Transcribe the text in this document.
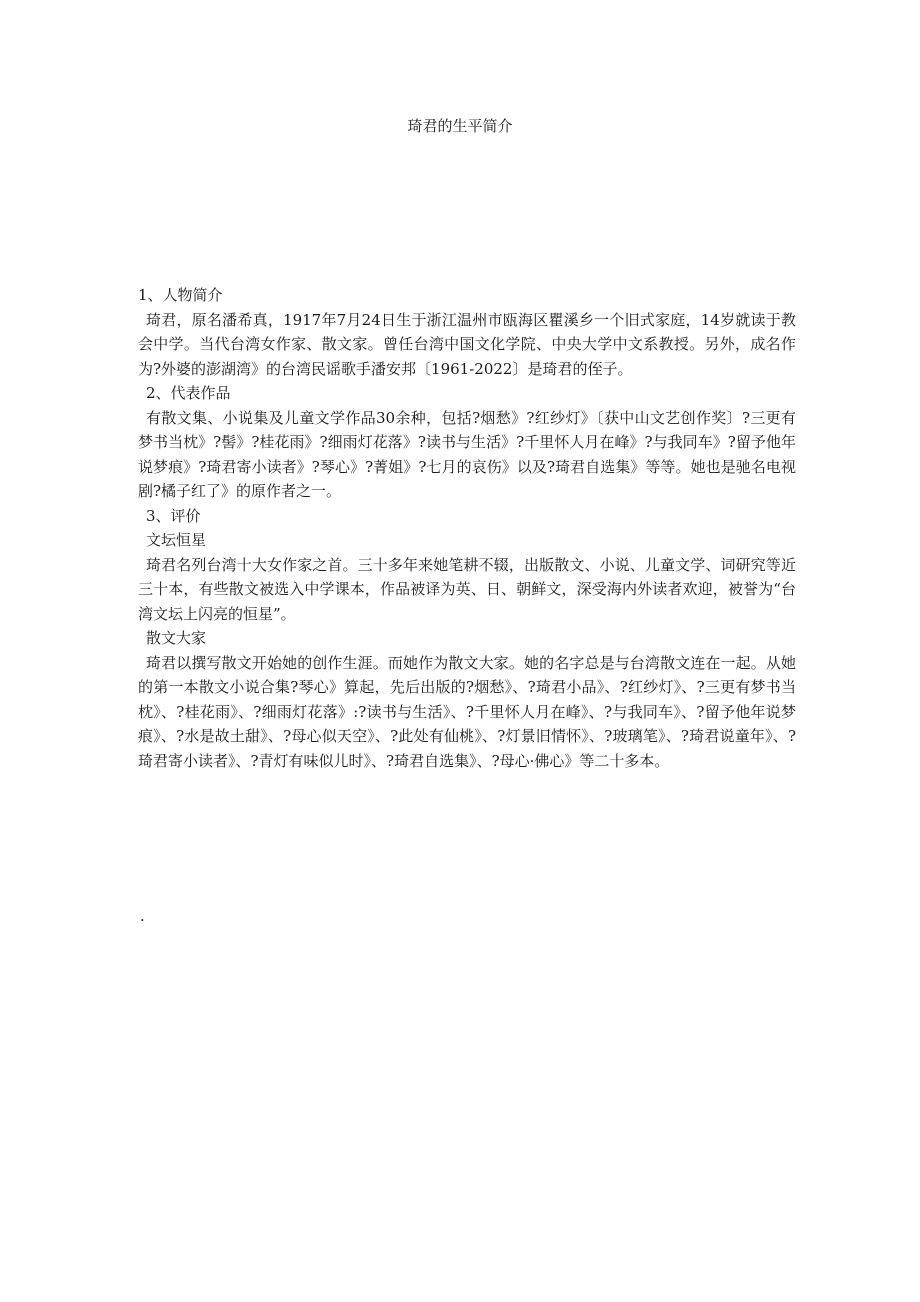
琦君的生平简介

1、人物简介

琦君，原名潘希真，1917年7月24日生于浙江温州市瓯海区瞿溪乡一个旧式家庭，14岁就读于教会中学。当代台湾女作家、散文家。曾任台湾中国文化学院、中央大学中文系教授。另外，成名作为?外婆的澎湖湾》的台湾民谣歌手潘安邦〔1961-2022〕是琦君的侄子。

2、代表作品

有散文集、小说集及儿童文学作品30余种，包括?烟愁》?红纱灯》〔获中山文艺创作奖〕?三更有梦书当枕》?髻》?桂花雨》?细雨灯花落》?读书与生活》?千里怀人月在峰》?与我同车》?留予他年说梦痕》?琦君寄小读者》?琴心》?菁姐》?七月的哀伤》以及?琦君自选集》等等。她也是驰名电视剧?橘子红了》的原作者之一。

3、评价

文坛恒星

琦君名列台湾十大女作家之首。三十多年来她笔耕不辍，出版散文、小说、儿童文学、词研究等近三十本，有些散文被选入中学课本，作品被译为英、日、朝鲜文，深受海内外读者欢迎，被誉为“台湾文坛上闪亮的恒星”。

散文大家

琦君以撰写散文开始她的创作生涯。而她作为散文大家。她的名字总是与台湾散文连在一起。从她的第一本散文小说合集?琴心》算起，先后出版的?烟愁》、?琦君小品》、?红纱灯》、?三更有梦书当枕》、?桂花雨》、?细雨灯花落》:?读书与生活》、?千里怀人月在峰》、?与我同车》、?留予他年说梦痕》、?水是故土甜》、?母心似天空》、?此处有仙桃》、?灯景旧情怀》、?玻璃笔》、?琦君说童年》、?琦君寄小读者》、?青灯有味似儿时》、?琦君自选集》、?母心·佛心》等二十多本。

.
